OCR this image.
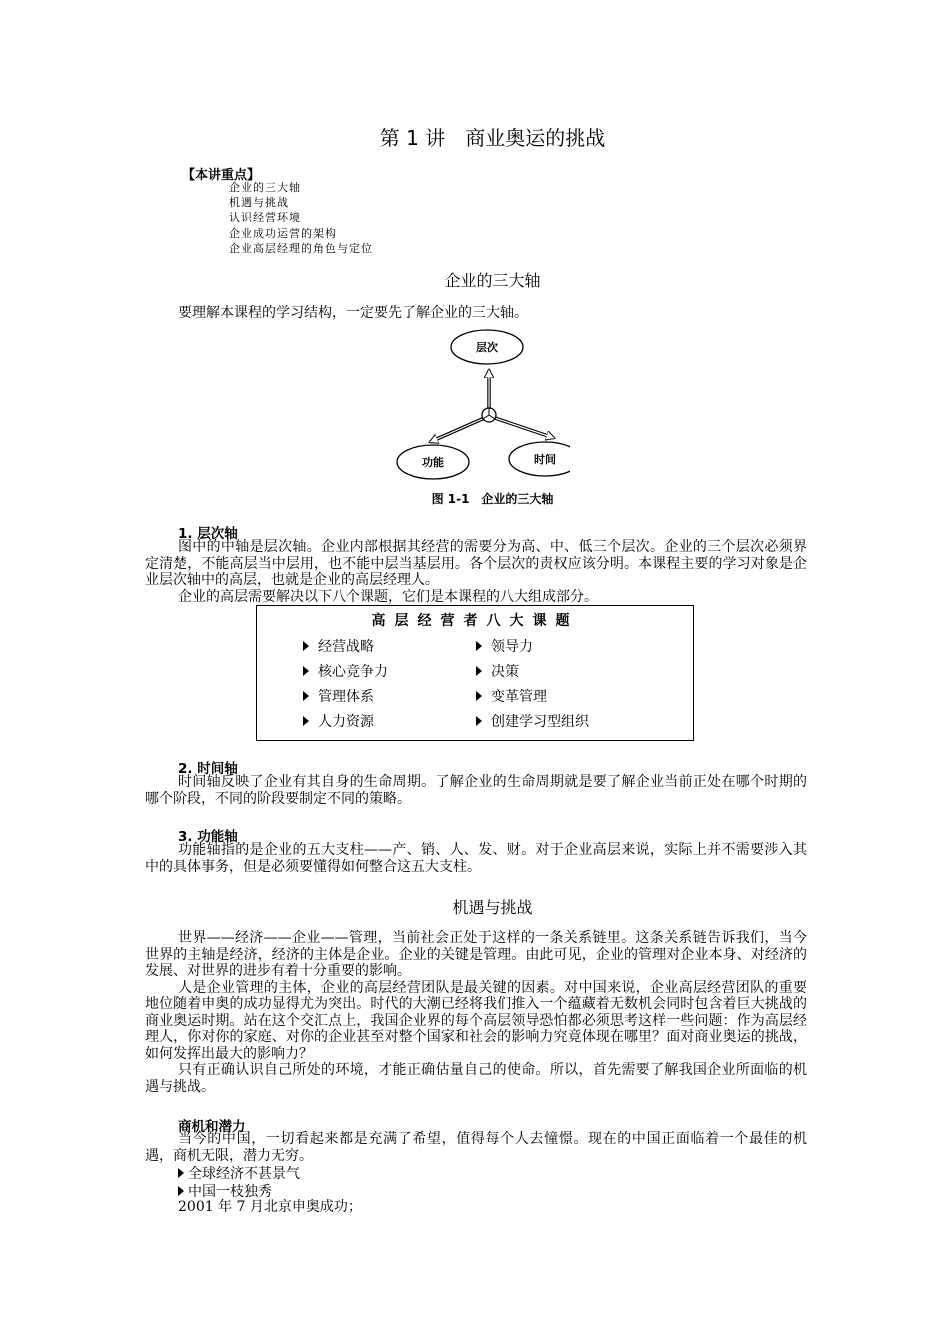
第 1 讲　商业奥运的挑战
【本讲重点】
企业的三大轴
机遇与挑战
认识经营环境
企业成功运营的架构
企业高层经理的角色与定位
企业的三大轴

要理解本课程的学习结构，一定要先了解企业的三大轴。

层次
功能	时间
图 1-1　企业的三大轴
1. 层次轴

图中的中轴是层次轴。企业内部根据其经营的需要分为高、中、低三个层次。企业的三个层次必须界定清楚，不能高层当中层用，也不能中层当基层用。各个层次的责权应该分明。本课程主要的学习对象是企业层次轴中的高层，也就是企业的高层经理人。

企业的高层需要解决以下八个课题，它们是本课程的八大组成部分。

高层经营者八大课题
经营战略
核心竞争力
管理体系
人力资源
领导力
决策
变革管理
创建学习型组织
2. 时间轴

时间轴反映了企业有其自身的生命周期。了解企业的生命周期就是要了解企业当前正处在哪个时期的哪个阶段，不同的阶段要制定不同的策略。

3. 功能轴

功能轴指的是企业的五大支柱——产、销、人、发、财。对于企业高层来说，实际上并不需要涉入其中的具体事务，但是必须要懂得如何整合这五大支柱。

机遇与挑战

世界——经济——企业——管理，当前社会正处于这样的一条关系链里。这条关系链告诉我们，当今世界的主轴是经济，经济的主体是企业。企业的关键是管理。由此可见，企业的管理对企业本身、对经济的发展、对世界的进步有着十分重要的影响。

人是企业管理的主体，企业的高层经营团队是最关键的因素。对中国来说，企业高层经营团队的重要地位随着申奥的成功显得尤为突出。时代的大潮已经将我们推入一个蕴藏着无数机会同时包含着巨大挑战的商业奥运时期。站在这个交汇点上，我国企业界的每个高层领导恐怕都必须思考这样一些问题：作为高层经理人，你对你的家庭、对你的企业甚至对整个国家和社会的影响力究竟体现在哪里？面对商业奥运的挑战，如何发挥出最大的影响力？

只有正确认识自己所处的环境，才能正确估量自己的使命。所以，首先需要了解我国企业所面临的机遇与挑战。

商机和潜力

当今的中国，一切看起来都是充满了希望，值得每个人去憧憬。现在的中国正面临着一个最佳的机遇，商机无限，潜力无穷。

全球经济不甚景气
中国一枝独秀

2001 年 7 月北京申奥成功；
